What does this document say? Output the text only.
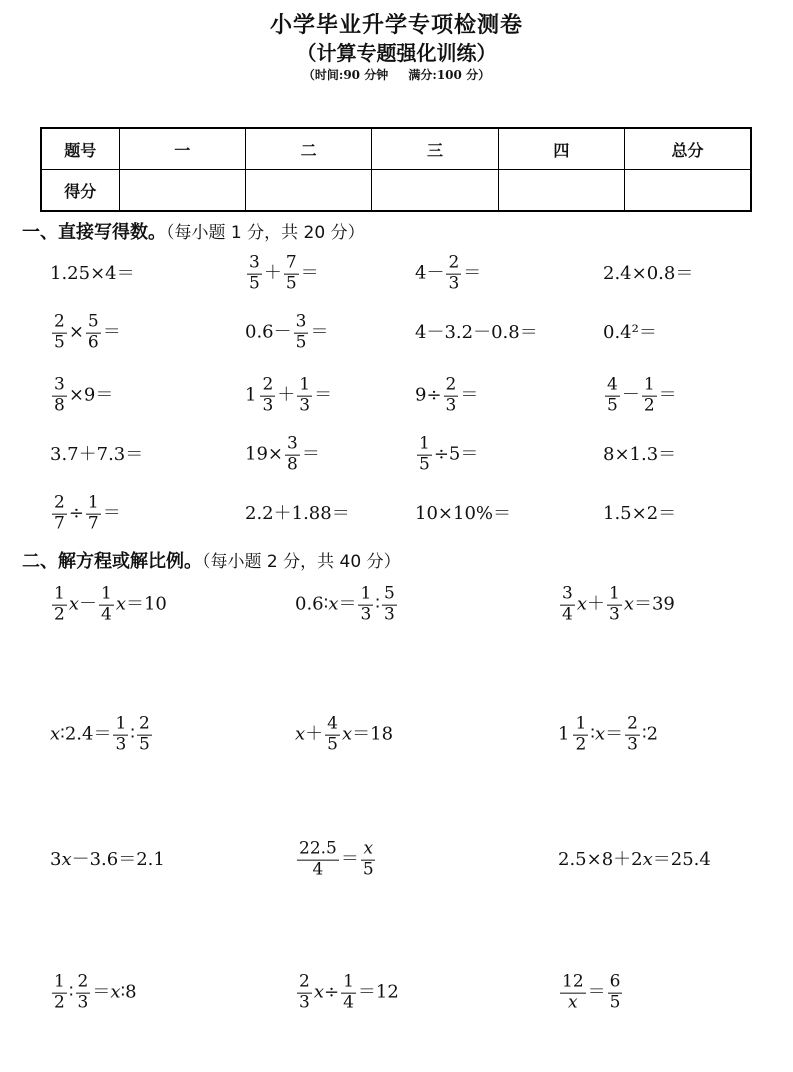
小学毕业升学专项检测卷
（计算专题强化训练）
（时间:90 分钟 满分:100 分）
题号	一	二	三	四	总分
得分					
一、直接写得数。（每小题 1 分，共 20 分）
二、解方程或解比例。（每小题 2 分，共 40 分）
1.25×4＝	$\frac{3}{5} + \frac{7}{5}$ ＝	$4- \frac{2}{3}$ ＝	2.4×0.8＝
$\frac{2}{5} \times \frac{5}{6}$ ＝	$0.6- \frac{3}{5}$ ＝	4－3.2－0.8＝	0.4²＝
$\frac{3}{8} \times 9=$	$1 \frac{2}{3} + \frac{1}{3}$ ＝	$9\div \frac{2}{3}$ ＝	$\frac{4}{5} - \frac{1}{2}$ ＝
3.7＋7.3＝	$19\times \frac{3}{8}$ ＝	$\frac{1}{5} \div 5=$	8×1.3＝
$\frac{2}{7} \div \frac{1}{7}$ ＝	2.2＋1.88＝	10×10%＝	1.5×2＝
$\frac{1}{2}$ $x - \frac{1}{4}$ x ＝10	0.6∶ $x = \frac{1}{3}$ ∶ $\frac{5}{3}$	$\frac{3}{4}$ $x + \frac{1}{3}$ x ＝39
x ∶2.4＝ $\frac{1}{3}$ ∶ $\frac{2}{5}$	$x + \frac{4}{5}$ x ＝18	$1 \frac{1}{2}$ ∶ $x = \frac{2}{3}$ ∶2
3 x －3.6＝2.1	$\frac{22.5}{4} = \frac{x}{5}$	2.5×8＋2 x ＝25.4
$\frac{1}{2}$ ∶ $\frac{2}{3} = x$ ∶8	$\frac{2}{3}$ $x \div \frac{1}{4} =12$	$\frac{12}{x} = \frac{6}{5}$
